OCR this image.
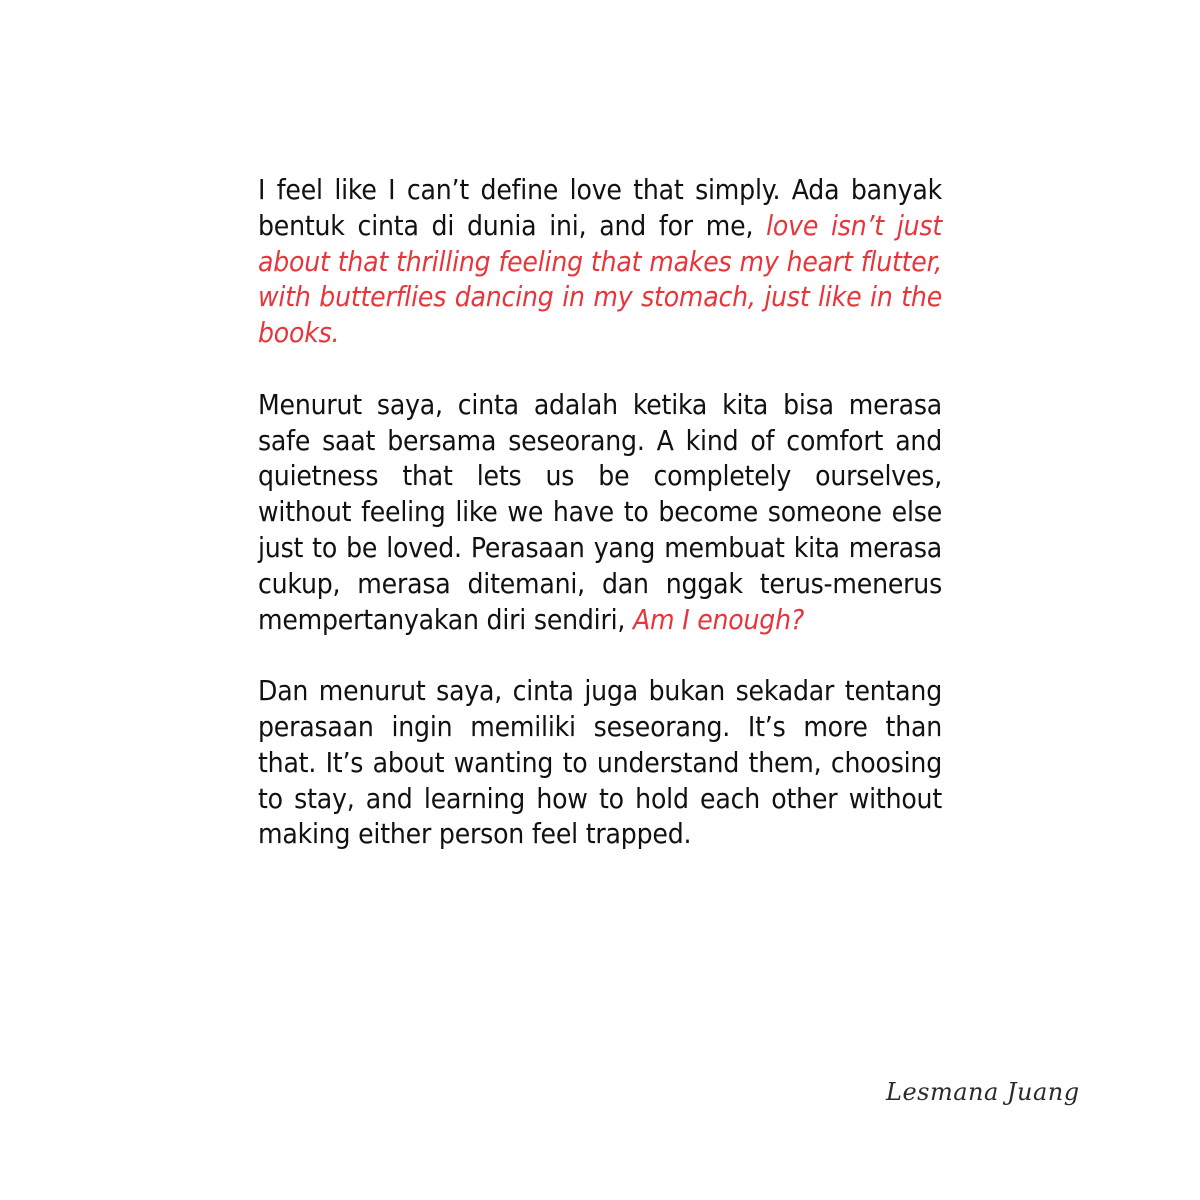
I feel like I can’t define love that simply. Ada banyak bentuk cinta di dunia ini, and for me, love isn’t just about that thrilling feeling that makes my heart flutter, with butterflies dancing in my stomach, just like in the books.

Menurut saya, cinta adalah ketika kita bisa merasa safe saat bersama seseorang. A kind of comfort and quietness that lets us be completely ourselves, without feeling like we have to become someone else just to be loved. Perasaan yang membuat kita merasa cukup, merasa ditemani, dan nggak terus-menerus mempertanyakan diri sendiri, Am I enough?

Dan menurut saya, cinta juga bukan sekadar tentang perasaan ingin memiliki seseorang. It’s more than that. It’s about wanting to understand them, choosing to stay, and learning how to hold each other without making either person feel trapped.

Lesmana Juang
